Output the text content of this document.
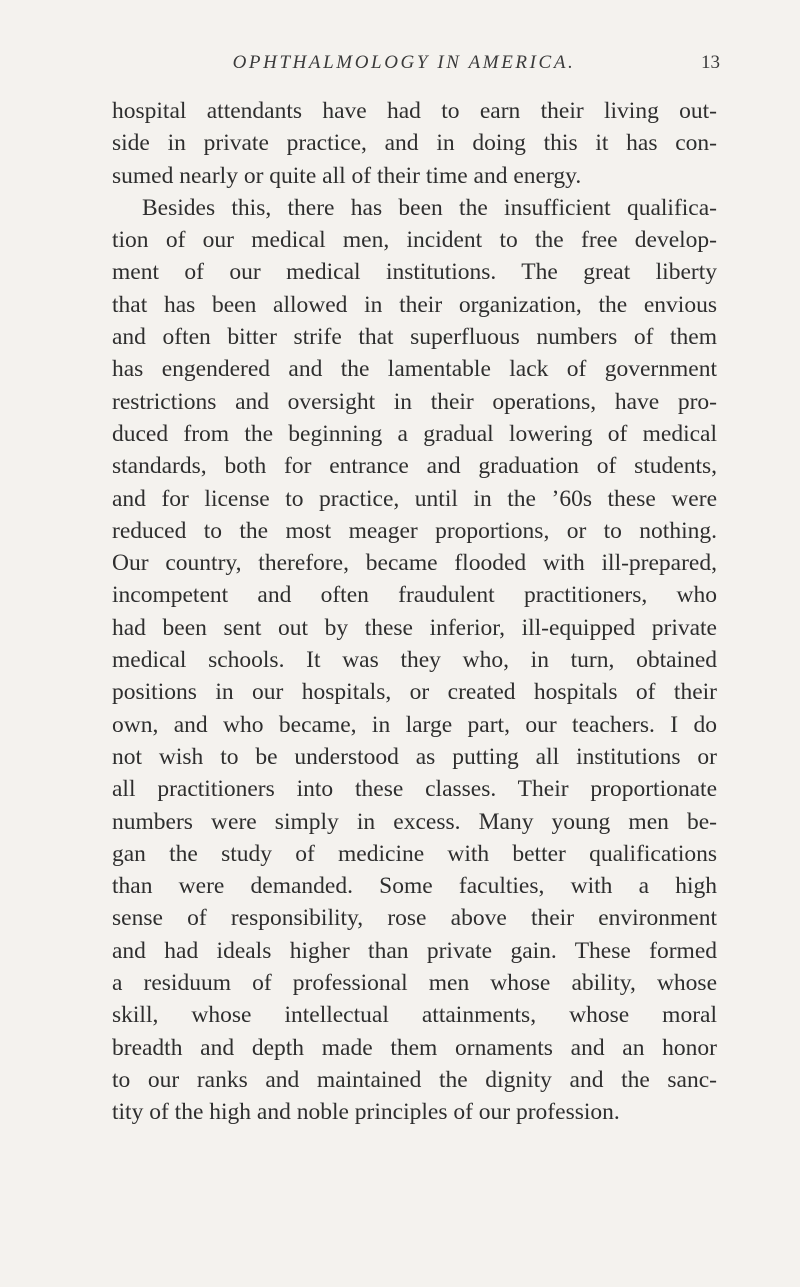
OPHTHALMOLOGY IN AMERICA.	13
hospital attendants have had to earn their living out-
side in private practice, and in doing this it has con-
sumed nearly or quite all of their time and energy.
Besides this, there has been the insufficient qualifica-
tion of our medical men, incident to the free develop-
ment of our medical institutions. The great liberty
that has been allowed in their organization, the envious
and often bitter strife that superfluous numbers of them
has engendered and the lamentable lack of government
restrictions and oversight in their operations, have pro-
duced from the beginning a gradual lowering of medical
standards, both for entrance and graduation of students,
and for license to practice, until in the ’60s these were
reduced to the most meager proportions, or to nothing.
Our country, therefore, became flooded with ill-prepared,
incompetent and often fraudulent practitioners, who
had been sent out by these inferior, ill-equipped private
medical schools. It was they who, in turn, obtained
positions in our hospitals, or created hospitals of their
own, and who became, in large part, our teachers. I do
not wish to be understood as putting all institutions or
all practitioners into these classes. Their proportionate
numbers were simply in excess. Many young men be-
gan the study of medicine with better qualifications
than were demanded. Some faculties, with a high
sense of responsibility, rose above their environment
and had ideals higher than private gain. These formed
a residuum of professional men whose ability, whose
skill, whose intellectual attainments, whose moral
breadth and depth made them ornaments and an honor
to our ranks and maintained the dignity and the sanc-
tity of the high and noble principles of our profession.
